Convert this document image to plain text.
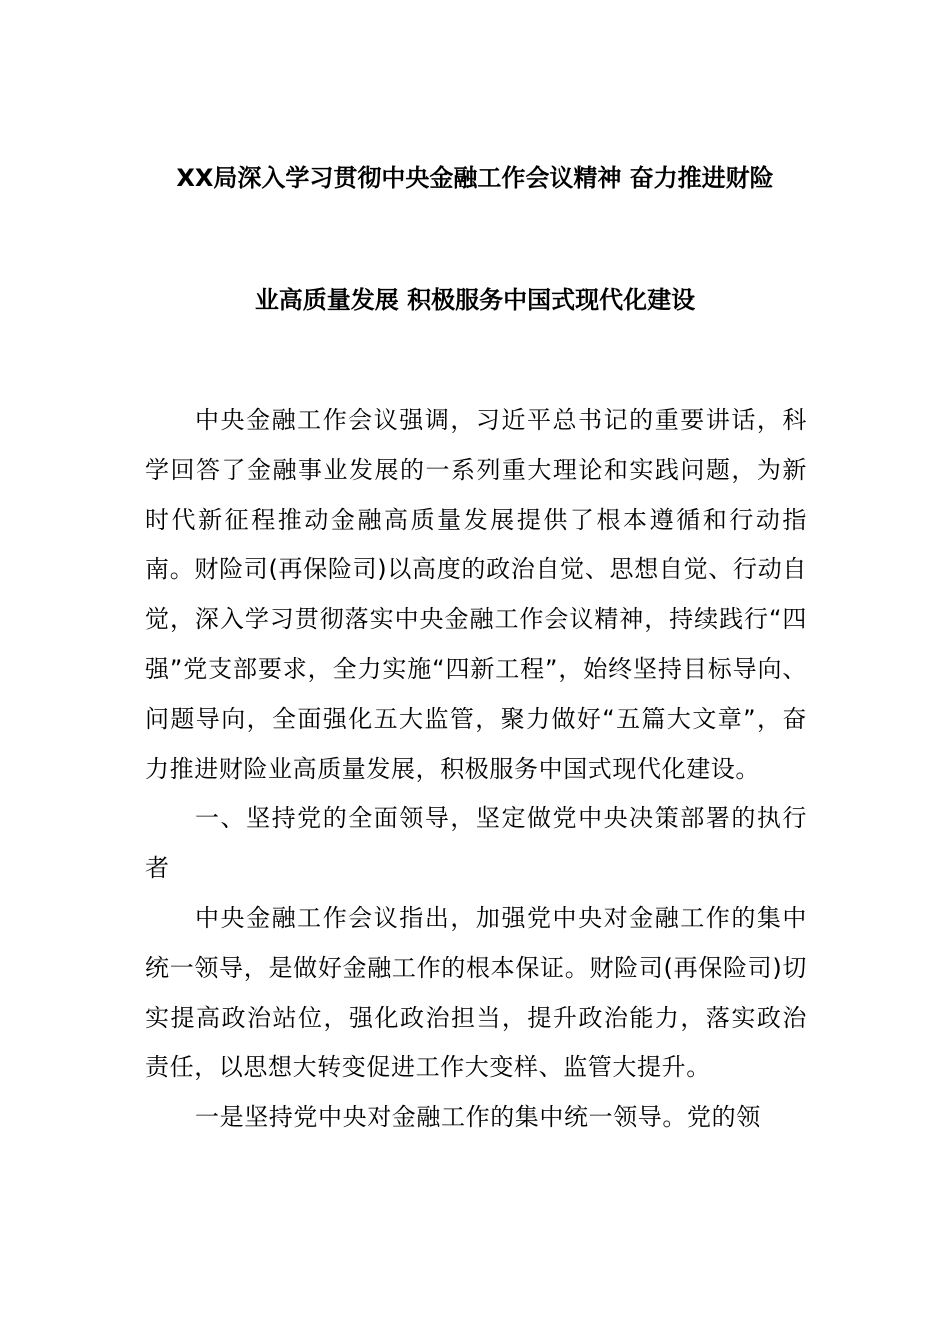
XX局深入学习贯彻中央金融工作会议精神 奋力推进财险
业高质量发展 积极服务中国式现代化建设

中央金融工作会议强调，习近平总书记的重要讲话，科学回答了金融事业发展的一系列重大理论和实践问题，为新时代新征程推动金融高质量发展提供了根本遵循和行动指南。财险司(再保险司)以高度的政治自觉、思想自觉、行动自觉，深入学习贯彻落实中央金融工作会议精神，持续践行“四强”党支部要求，全力实施“四新工程”，始终坚持目标导向、问题导向，全面强化五大监管，聚力做好“五篇大文章”，奋力推进财险业高质量发展，积极服务中国式现代化建设。

一、坚持党的全面领导，坚定做党中央决策部署的执行者

中央金融工作会议指出，加强党中央对金融工作的集中统一领导，是做好金融工作的根本保证。财险司(再保险司)切实提高政治站位，强化政治担当，提升政治能力，落实政治责任，以思想大转变促进工作大变样、监管大提升。

一是坚持党中央对金融工作的集中统一领导。党的领
